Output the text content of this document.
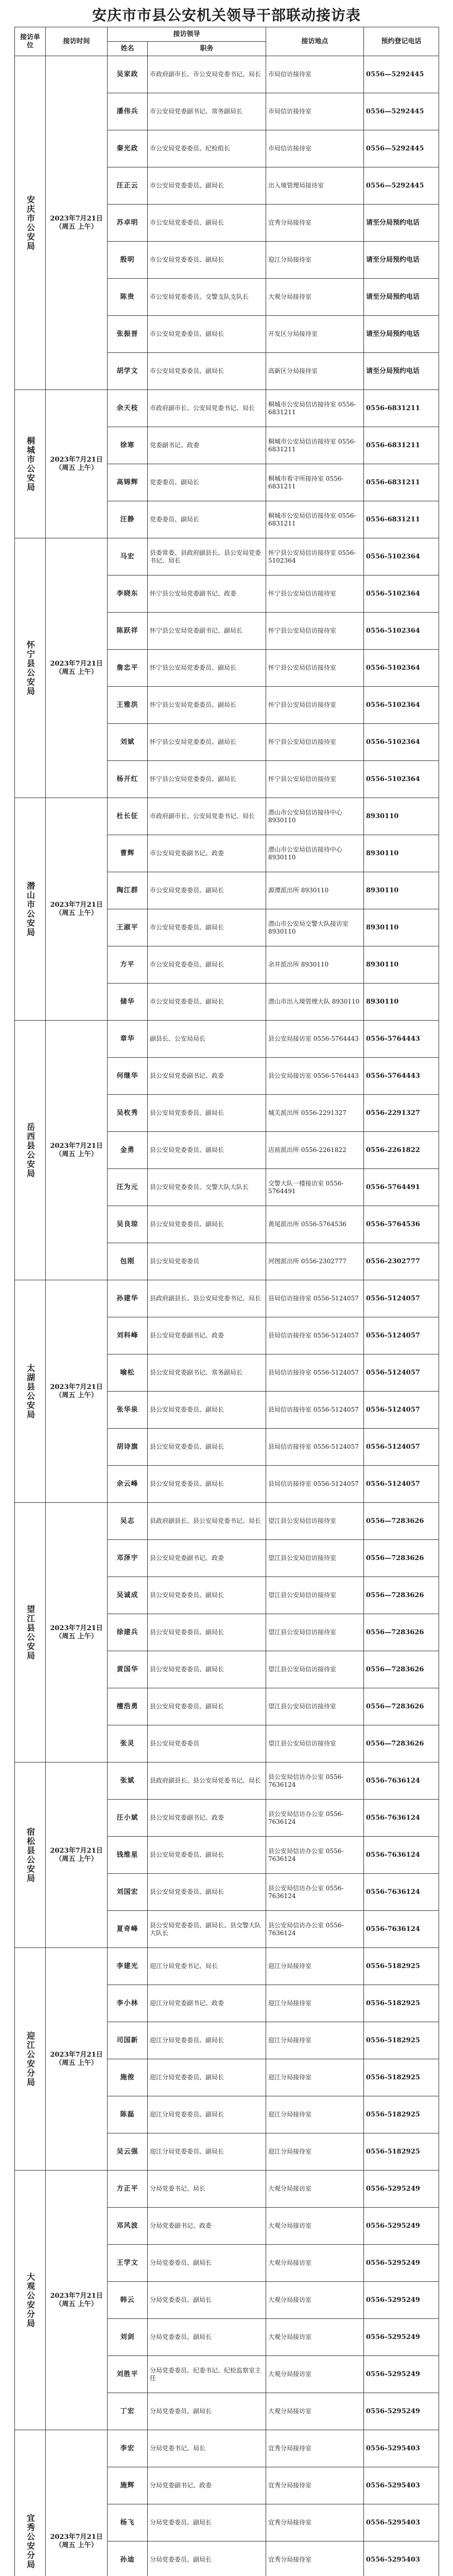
安庆市市县公安机关领导干部联动接访表
接访单位	接访时间	接访领导		接访地点	预约登记电话
		姓名	职务		
安庆市公安局	2023年7月21日
（周五 上午）	吴家政	市政府副市长、市公安局党委书记、局长	市局信访接待室	0556—5292445
		潘伟兵	市公安局党委副书记、常务副局长	市局信访接待室	0556—5292445
		秦光政	市公安局党委委员、纪检组长	市局信访接待室	0556—5292445
		汪正云	市公安局党委委员、副局长	出入境管理局接待室	0556—5292445
		苏卓明	市公安局党委委员、副局长	宜秀分局接待室	请至分局预约电话
		殷明	市公安局党委委员、副局长	迎江分局接待室	请至分局预约电话
		陈贵	市公安局党委委员、交警支队支队长	大观分局接待室	请至分局预约电话
		张振晋	市公安局党委委员、副局长	开发区分局接待室	请至分局预约电话
		胡学文	市公安局党委委员、副局长	高新区分局接待室	请至分局预约电话
桐城市公安局	2023年7月21日
（周五 上午）	余天枝	市政府副市长、公安局党委书记、局长	桐城市公安局信访接待室 0556-6831211	0556-6831211
		徐寒	党委副书记、政委	桐城市公安局信访接待室 0556-6831211	0556-6831211
		高锦辉	党委委员、副局长	桐城市看守所接待室 0556-6831211	0556-6831211
		汪静	党委委员、副局长	桐城市公安局信访接待室 0556-6831211	0556-6831211
怀宁县公安局	2023年7月21日
（周五 上午）	马宏	县委常委、县政府副县长、县公安局党委书记、局长	怀宁县公安局信访接待室 0556-5102364	0556-5102364
		李晓东	怀宁县公安局党委副书记、政委	怀宁县公安局信访接待室	0556-5102364
		陈跃祥	怀宁县公安局党委副书记、副局长	怀宁县公安局信访接待室	0556-5102364
		詹忠平	怀宁县公安局党委委员、副局长	怀宁县公安局信访接待室	0556-5102364
		王雅洪	怀宁县公安局党委委员、副局长	怀宁县公安局信访接待室	0556-5102364
		刘斌	怀宁县公安局党委委员、副局长	怀宁县公安局信访接待室	0556-5102364
		杨开红	怀宁县公安局党委委员、副局长	怀宁县公安局信访接待室	0556-5102364
潜山市公安局	2023年7月21日
（周五 上午）	杜长征	市政府副市长、公安局党委书记、局长	潜山市公安局信访接待中心 8930110	8930110
		曹辉	市公安局党委副书记、政委	潜山市公安局信访接待中心 8930110	8930110
		陶江群	市公安局党委委员、副局长	源潭派出所 8930110	8930110
		王淑平	市公安局党委委员、副局长	潜山市公安局交警大队接访室 8930110	8930110
		方平	市公安局党委委员、副局长	余井派出所 8930110	8930110
		储华	市公安局党委委员、副局长	潜山市出入境管理大队 8930110	8930110
岳西县公安局	2023年7月21日
（周五 上午）	章华	副县长、公安局局长	县公安局接访室 0556-5764443	0556-5764443
		何继华	县公安局党委副书记、政委	县公安局接访室 0556-5764443	0556-5764443
		吴枚秀	县公安局党委委员、副局长	城关派出所 0556-2291327	0556-2291327
		金勇	县公安局党委委员、副局长	店前派出所 0556-2261822	0556-2261822
		汪为元	县公安局党委委员、交警大队大队长	交警大队一楼接访室 0556-5764491	0556-5764491
		吴良琼	县公安局党委委员、副局长	黄尾派出所 0556-5764536	0556-5764536
		包刚	县公安局党委委员	河图派出所 0556-2302777	0556-2302777
太湖县公安局	2023年7月21日
（周五 上午）	孙建华	县政府副县长、县公安局党委书记、局长	县局信访接待室 0556-5124057	0556-5124057
		刘科峰	县公安局党委副书记、政委	县局信访接待室 0556-5124057	0556-5124057
		喻松	县公安局党委副书记、常务副局长	县局信访接待室 0556-5124057	0556-5124057
		张华泉	县公安局党委委员、副局长	县局信访接待室 0556-5124057	0556-5124057
		胡诗旗	县公安局党委委员、副局长	县局信访接待室 0556-5124057	0556-5124057
		余云峰	县公安局党委委员、副局长	县局信访接待室 0556-5124057	0556-5124057
望江县公安局	2023年7月21日
（周五 上午）	吴志	县政府副县长、县公安局党委书记、局长	望江县公安局信访接待室	0556—7283626
		邓泽宇	县公安局党委副书记、政委	望江县公安局信访接待室	0556—7283626
		吴诚成	县公安局党委委员、副局长	望江县公安局信访接待室	0556—7283626
		徐建兵	县公安局党委委员、副局长	望江县公安局信访接待室	0556—7283626
		黄国华	县公安局党委委员、副局长	望江县公安局信访接待室	0556—7283626
		檀浩勇	县公安局党委委员、副局长	望江县公安局信访接待室	0556—7283626
		张灵	县公安局党委委员	望江县公安局信访接待室	0556—7283626
宿松县公安局	2023年7月21日
（周五 上午）	张斌	县政府副县长、县公安局党委书记、局长	县公安局信访办公室 0556-7636124	0556-7636124
		汪小斌	县公安局党委副书记、政委	县公安局信访办公室 0556-7636124	0556-7636124
		钱维星	县公安局党委委员、副局长	县公安局信访办公室 0556-7636124	0556-7636124
		刘国宏	县公安局党委委员、副局长	县公安局信访办公室 0556-7636124	0556-7636124
		夏奇峰	县公安局党委委员、副局长、县交警大队大队长	县公安局信访办公室 0556-7636124	0556-7636124
迎江公安分局	2023年7月21日
（周五 上午）	李建光	迎江分局党委书记、局长	迎江分局接待室	0556-5182925
		李小林	迎江分局党委副书记、政委	迎江分局接待室	0556-5182925
		司国新	迎江分局党委委员、副局长	迎江分局接待室	0556-5182925
		施俊	迎江分局党委委员、副局长	迎江分局接待室	0556-5182925
		陈磊	迎江分局党委委员、副局长	迎江分局接待室	0556-5182925
		吴云强	迎江分局党委委员、副局长	迎江分局接待室	0556-5182925
大观公安分局	2023年7月21日
（周五 上午）	方正平	分局党委书记、局长	大观分局接访室	0556-5295249
		邓风波	分局党委副书记、政委	大观分局接访室	0556-5295249
		王学文	分局党委委员、副局长	大观分局接访室	0556-5295249
		韩云	分局党委委员、副局长	大观分局接访室	0556-5295249
		刘剑	分局党委委员、副局长	大观分局接访室	0556-5295249
		刘胜平	分局党委委员、纪委书记、纪检监察室主任	大观分局接访室	0556-5295249
		丁宏	分局党委委员、副局长	大观分局接访室	0556-5295249
宜秀公安分局	2023年7月21日
（周五 上午）	李宏	分局党委书记、局长	宜秀分局接待室	0556-5295403
		施辉	分局党委副书记、政委	宜秀分局接待室	0556-5295403
		杨飞	分局党委委员、副局长	宜秀分局接待室	0556-5295403
		孙迪	分局党委委员、副局长	宜秀分局接待室	0556-5295403
